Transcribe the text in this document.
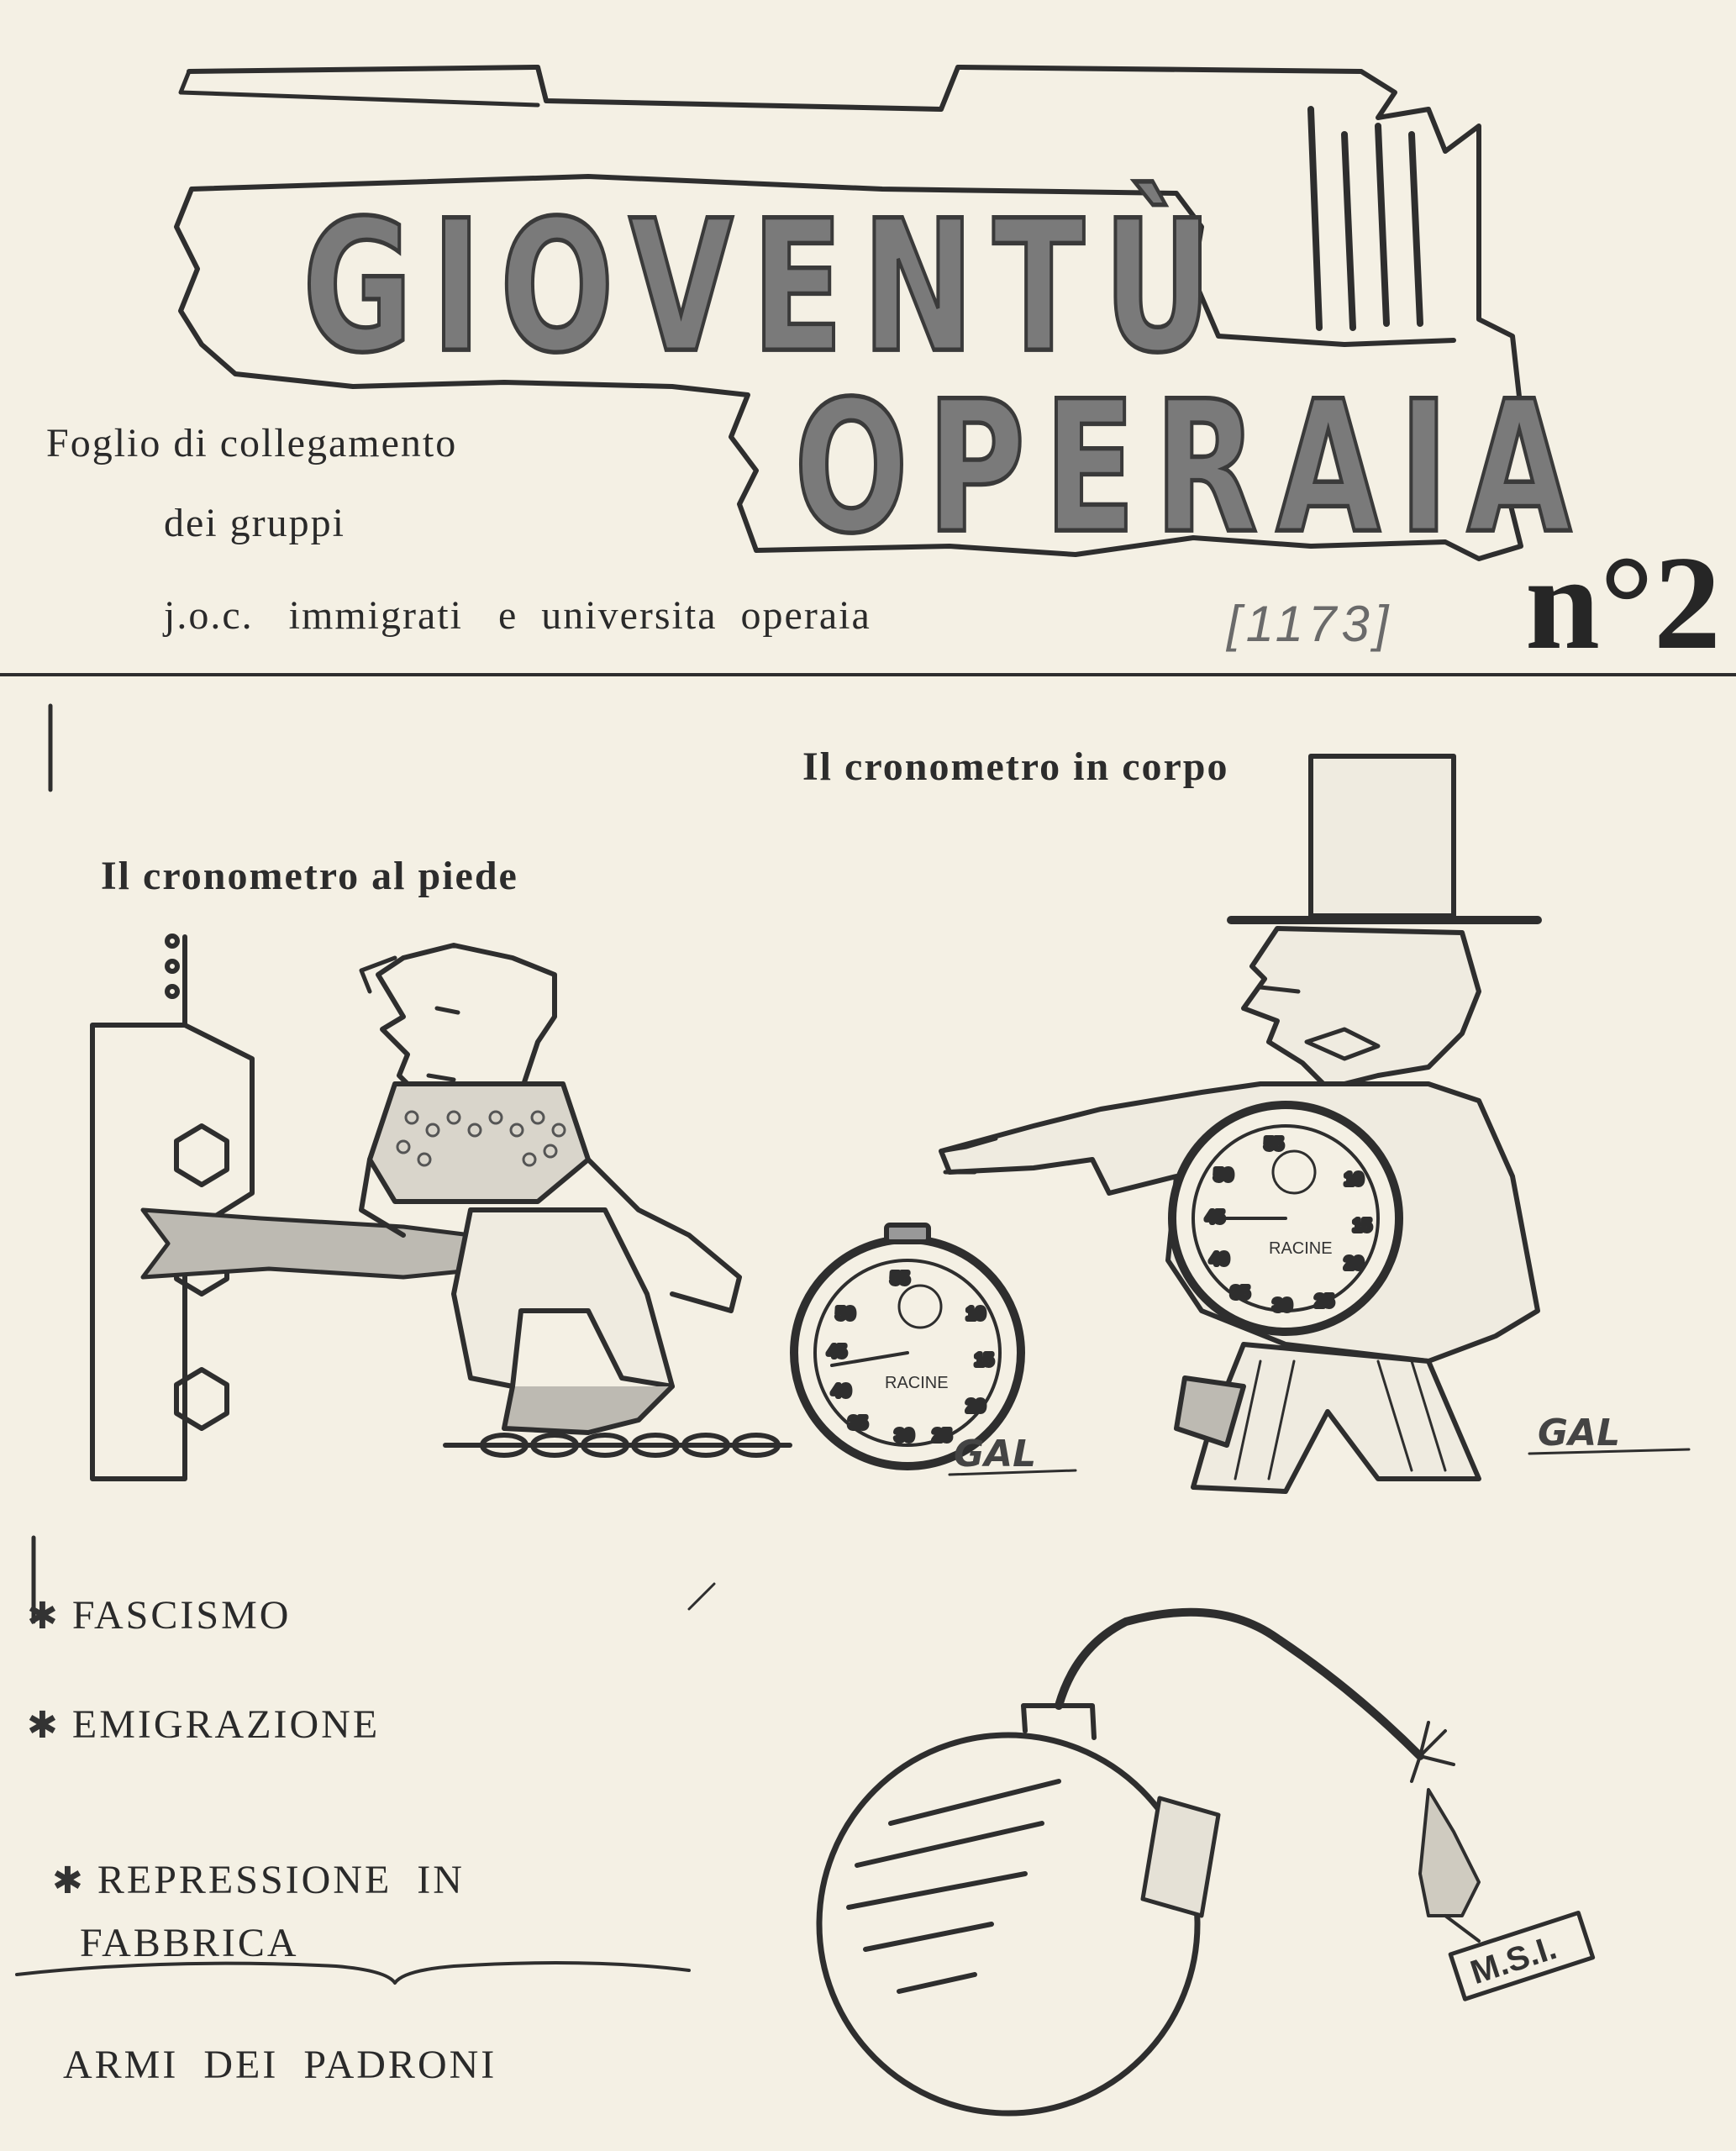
55
10
15
20
25
30
35
40
45
50
55
10
15
20
25
30
35
40
45
50
M.S.I.
RACINE
RACINE
GIOVENTÙ
OPERAIA
Foglio di collegamento
dei gruppi
j.o.c.   immigrati   e  universita  operaia	n°2
[1173]
Il cronometro in corpo
Il cronometro al piede
GAL	GAL
✱ FASCISMO
✱ EMIGRAZIONE

✱ REPRESSIONE  IN

FABBRICA
ARMI  DEI  PADRONI
